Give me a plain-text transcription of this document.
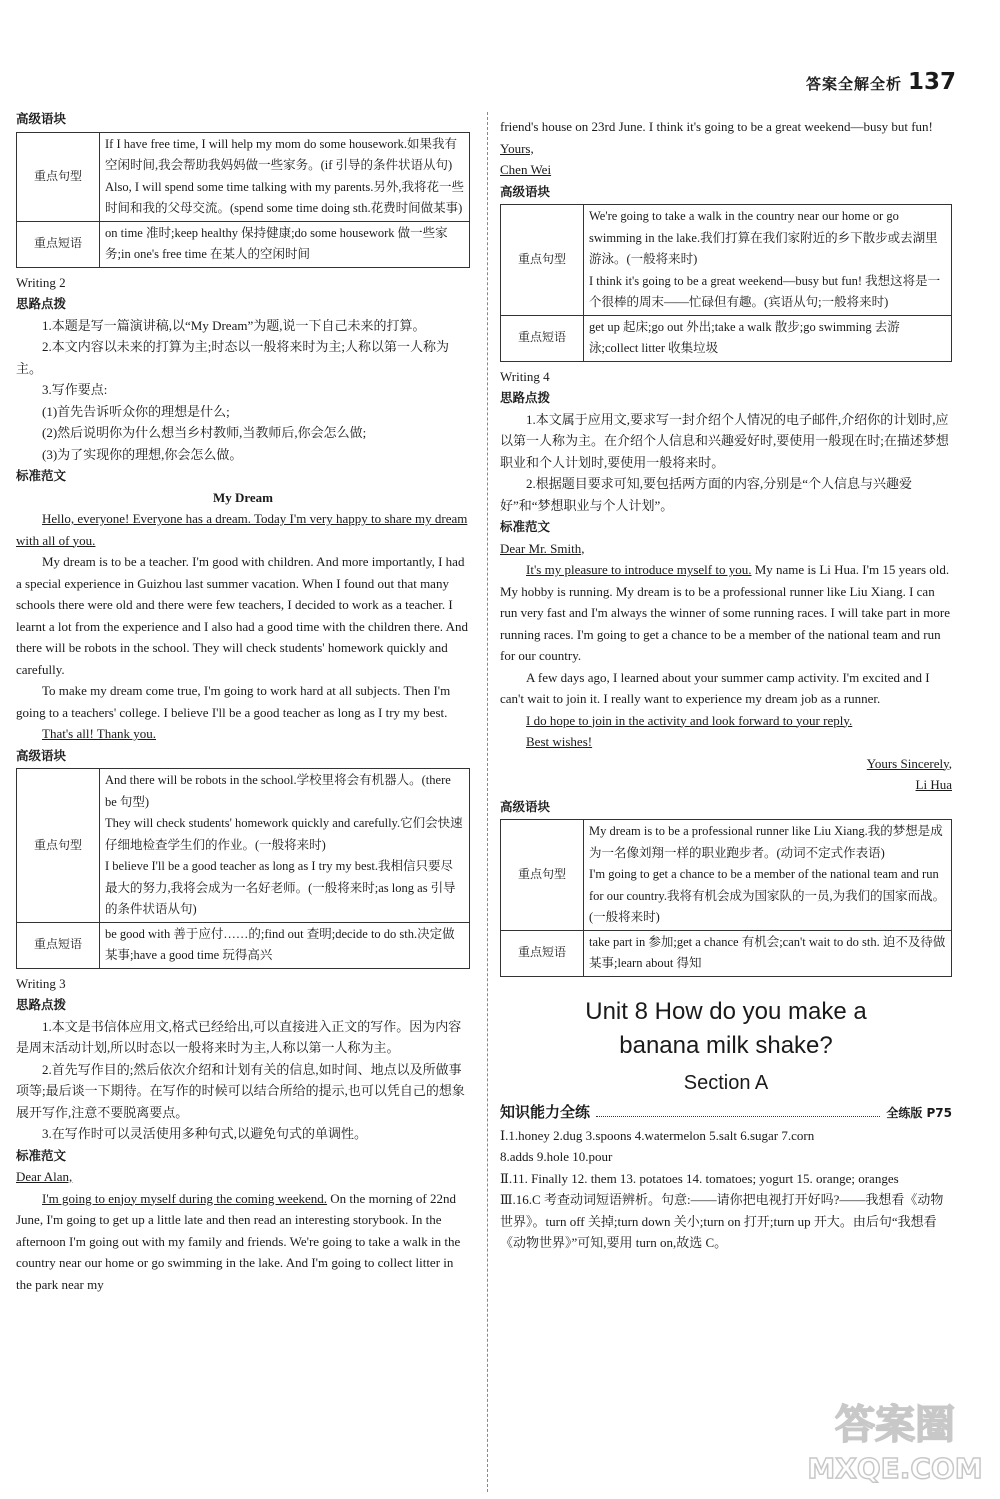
答案全解全析 137
高级语块
重点句型	If I have free time, I will help my mom do some housework.如果我有空闲时间,我会帮助我妈妈做一些家务。(if 引导的条件状语从句)

Also, I will spend some time talking with my parents.另外,我将花一些时间和我的父母交流。(spend some time doing sth.花费时间做某事)

重点短语	on time 准时;keep healthy 保持健康;do some housework 做一些家务;in one's free time 在某人的空闲时间

Writing 2
思路点拨

1.本题是写一篇演讲稿,以“My Dream”为题,说一下自己未来的打算。

2.本文内容以未来的打算为主;时态以一般将来时为主;人称以第一人称为主。

3.写作要点:

(1)首先告诉听众你的理想是什么;

(2)然后说明你为什么想当乡村教师,当教师后,你会怎么做;

(3)为了实现你的理想,你会怎么做。

标准范文

My Dream

Hello, everyone! Everyone has a dream. Today I'm very happy to share my dream with all of you.

My dream is to be a teacher. I'm good with children. And more importantly, I had a special experience in Guizhou last summer vacation. When I found out that many schools there were old and there were few teachers, I decided to work as a teacher. I learnt a lot from the experience and I also had a good time with the children there. And there will be robots in the school. They will check students' homework quickly and carefully.

To make my dream come true, I'm going to work hard at all subjects. Then I'm going to a teachers' college. I believe I'll be a good teacher as long as I try my best.

That's all! Thank you.

高级语块
重点句型	And there will be robots in the school.学校里将会有机器人。(there be 句型)

They will check students' homework quickly and carefully.它们会快速仔细地检查学生们的作业。(一般将来时)

I believe I'll be a good teacher as long as I try my best.我相信只要尽最大的努力,我将会成为一名好老师。(一般将来时;as long as 引导的条件状语从句)

重点短语	be good with 善于应付……的;find out 查明;decide to do sth.决定做某事;have a good time 玩得高兴

Writing 3
思路点拨

1.本文是书信体应用文,格式已经给出,可以直接进入正文的写作。因为内容是周末活动计划,所以时态以一般将来时为主,人称以第一人称为主。

2.首先写作目的;然后依次介绍和计划有关的信息,如时间、地点以及所做事项等;最后谈一下期待。在写作的时候可以结合所给的提示,也可以凭自己的想象展开写作,注意不要脱离要点。

3.在写作时可以灵活使用多种句式,以避免句式的单调性。

标准范文

Dear Alan,

I'm going to enjoy myself during the coming weekend. On the morning of 22nd June, I'm going to get up a little late and then read an interesting storybook. In the afternoon I'm going out with my family and friends. We're going to take a walk in the country near our home or go swimming in the lake. And I'm going to collect litter in the park near my

friend's house on 23rd June. I think it's going to be a great weekend—busy but fun!

Yours,

Chen Wei

高级语块
重点句型	We're going to take a walk in the country near our home or go swimming in the lake.我们打算在我们家附近的乡下散步或去湖里游泳。(一般将来时)

I think it's going to be a great weekend—busy but fun! 我想这将是一个很棒的周末——忙碌但有趣。(宾语从句;一般将来时)

重点短语	get up 起床;go out 外出;take a walk 散步;go swimming 去游泳;collect litter 收集垃圾

Writing 4
思路点拨

1.本文属于应用文,要求写一封介绍个人情况的电子邮件,介绍你的计划时,应以第一人称为主。在介绍个人信息和兴趣爱好时,要使用一般现在时;在描述梦想职业和个人计划时,要使用一般将来时。

2.根据题目要求可知,要包括两方面的内容,分别是“个人信息与兴趣爱好”和“梦想职业与个人计划”。

标准范文

Dear Mr. Smith,

It's my pleasure to introduce myself to you. My name is Li Hua. I'm 15 years old. My hobby is running. My dream is to be a professional runner like Liu Xiang. I can run very fast and I'm always the winner of some running races. I will take part in more running races. I'm going to get a chance to be a member of the national team and run for our country.

A few days ago, I learned about your summer camp activity. I'm excited and I can't wait to join it. I really want to experience my dream job as a runner.

I do hope to join in the activity and look forward to your reply.

Best wishes!

Yours Sincerely,

Li Hua

高级语块
重点句型	My dream is to be a professional runner like Liu Xiang.我的梦想是成为一名像刘翔一样的职业跑步者。(动词不定式作表语)

I'm going to get a chance to be a member of the national team and run for our country.我将有机会成为国家队的一员,为我们的国家而战。(一般将来时)

重点短语	take part in 参加;get a chance 有机会;can't wait to do sth. 迫不及待做某事;learn about 得知

Unit 8 How do you make a
banana milk shake?
Section A
知识能力全练	全练版 P75

Ⅰ.1.honey 2.dug 3.spoons 4.watermelon 5.salt 6.sugar 7.corn

8.adds 9.hole 10.pour

Ⅱ.11. Finally 12. them 13. potatoes 14. tomatoes; yogurt 15. orange; oranges

Ⅲ.16.C 考查动词短语辨析。句意:——请你把电视打开好吗?——我想看《动物世界》。turn off 关掉;turn down 关小;turn on 打开;turn up 开大。由后句“我想看《动物世界》”可知,要用 turn on,故选 C。

答案圈
MXQE.COM
